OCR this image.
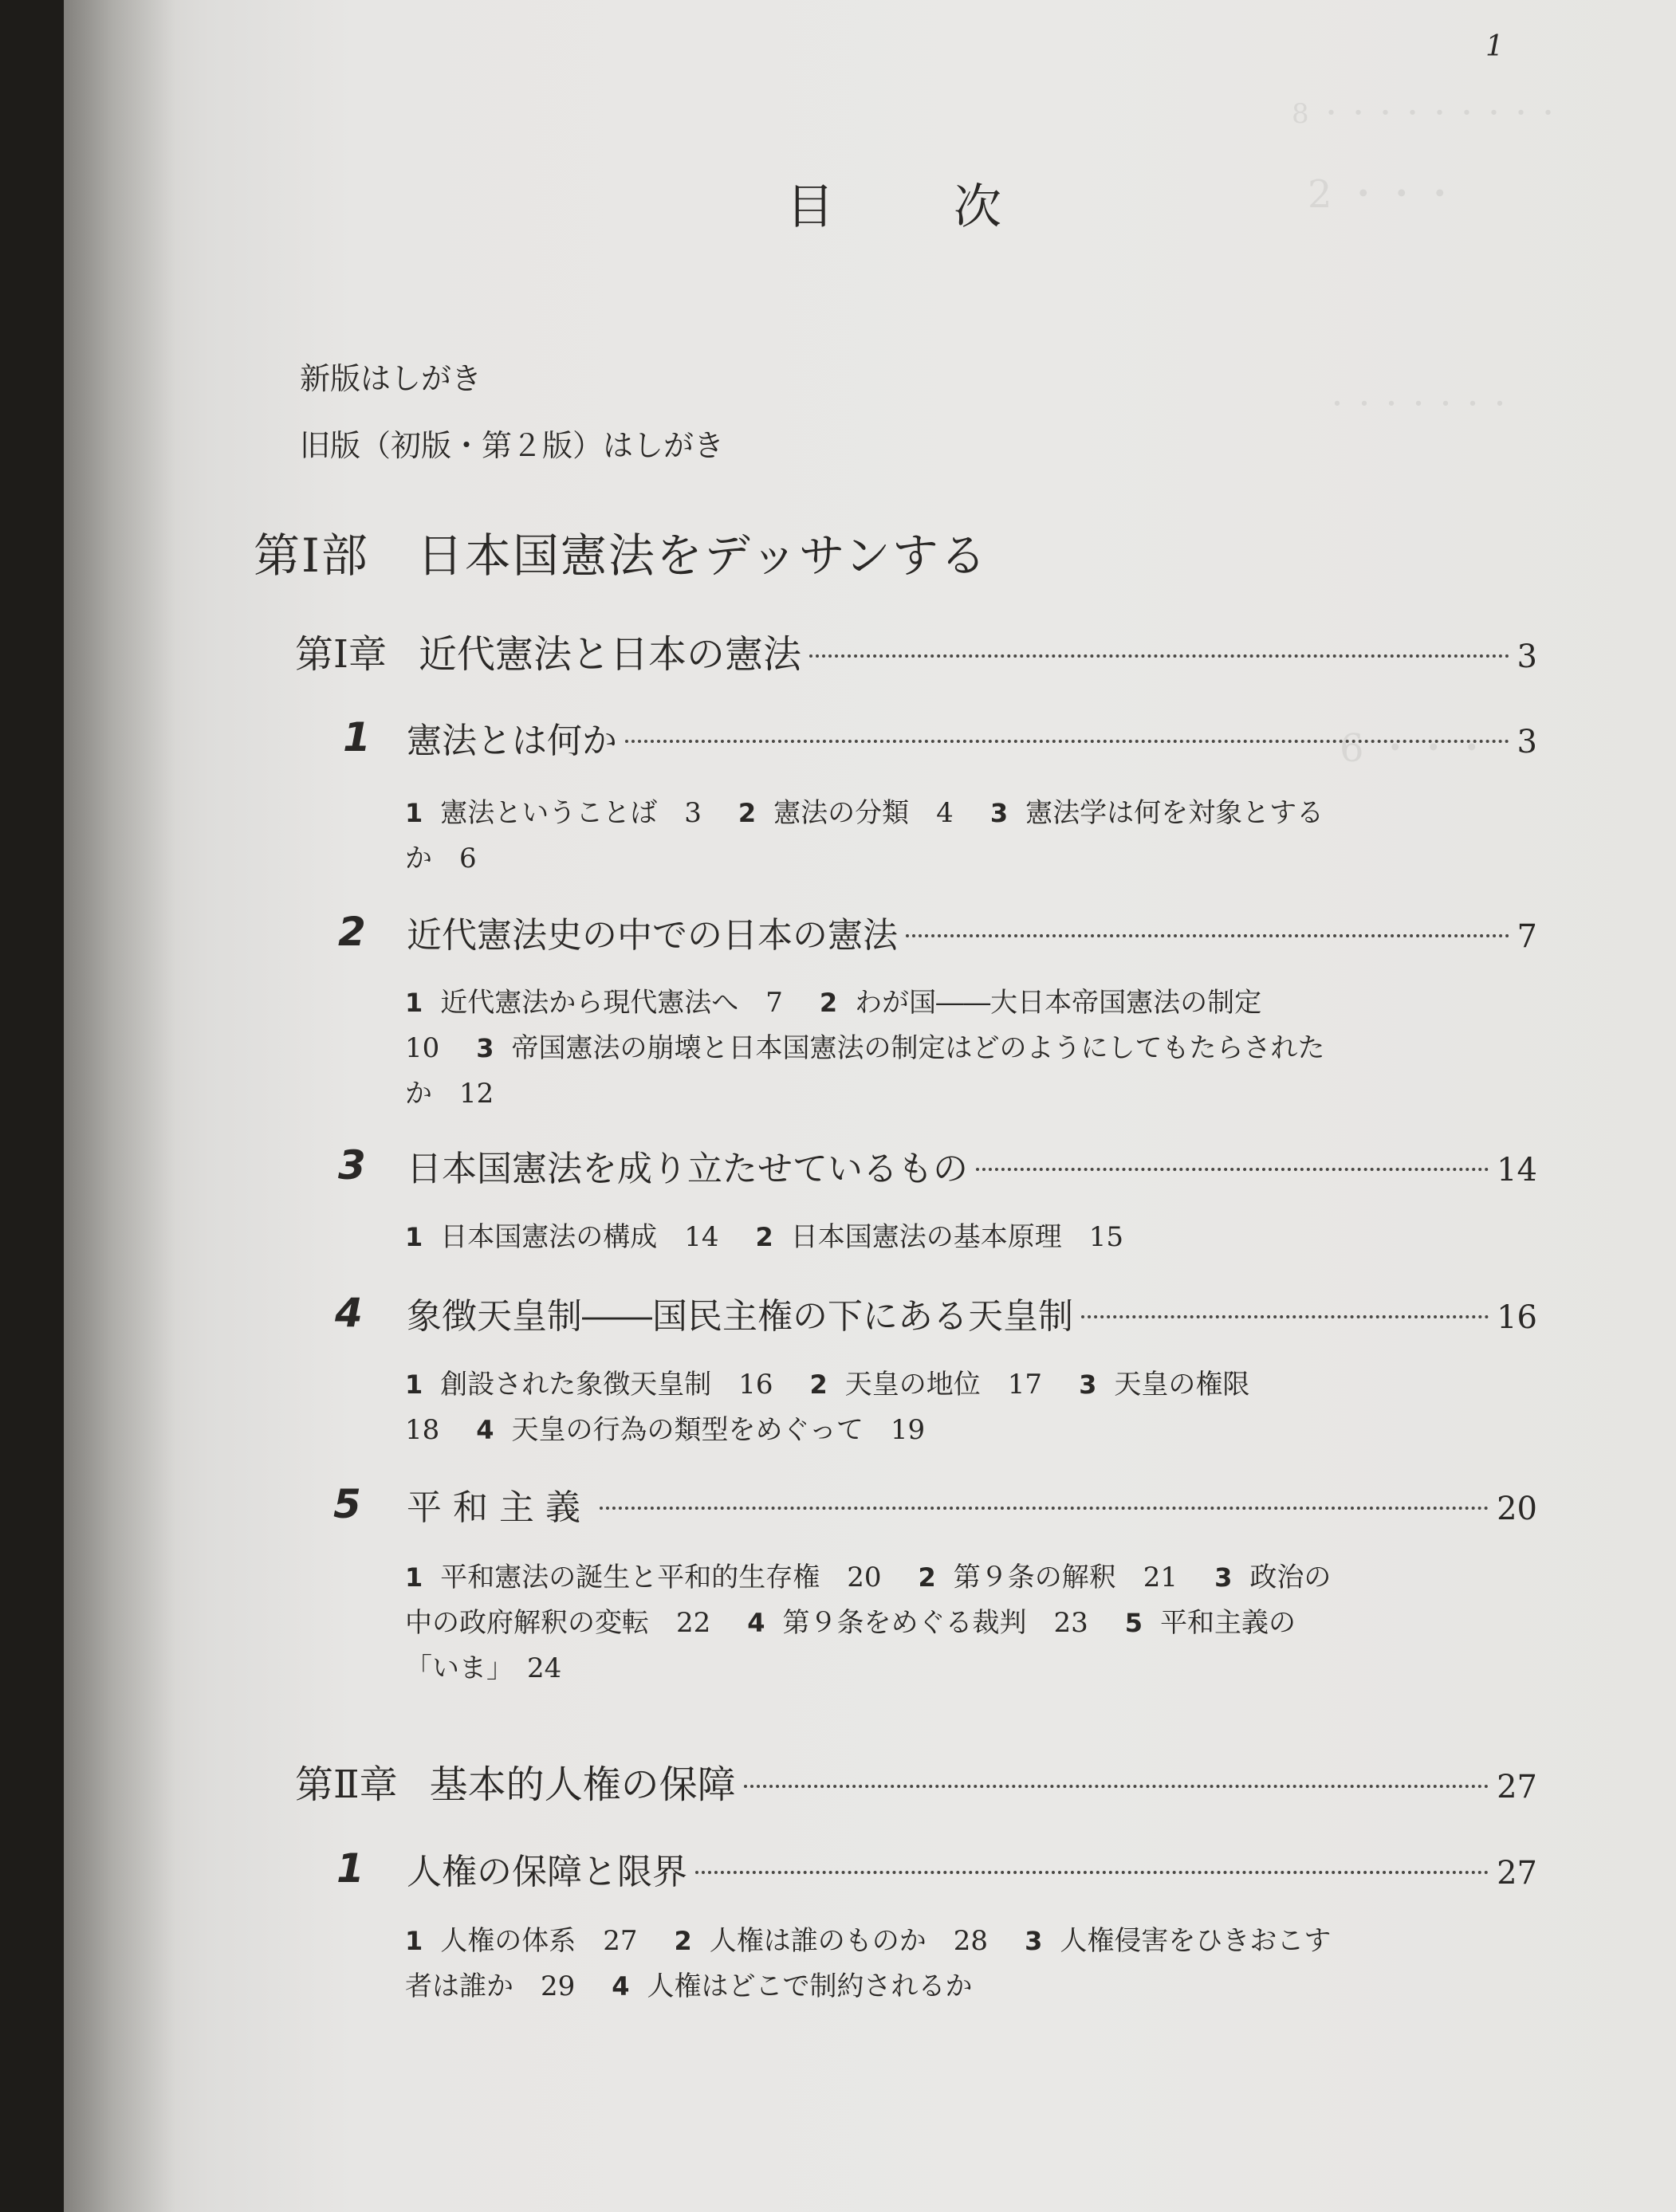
8 ・・・・・・・・・
2 ・・・
・・・・・・・
6 ・・・
1
目次
新版はしがき
旧版（初版・第２版）はしがき
第Ⅰ部 日本国憲法をデッサンする
第Ⅰ章 近代憲法と日本の憲法	3
1 憲法とは何か	3
1 憲法ということば　3 2 憲法の分類　4 3 憲法学は何を対象とするか　6
2 近代憲法史の中での日本の憲法	7
1 近代憲法から現代憲法へ　7 2 わが国――大日本帝国憲法の制定　10 3 帝国憲法の崩壊と日本国憲法の制定はどのようにしてもたらされたか　12
3 日本国憲法を成り立たせているもの	14
1 日本国憲法の構成　14 2 日本国憲法の基本原理　15
4 象徴天皇制――国民主権の下にある天皇制	16
1 創設された象徴天皇制　16 2 天皇の地位　17 3 天皇の権限　18 4 天皇の行為の類型をめぐって　19
5 平和主義	20
1 平和憲法の誕生と平和的生存権　20 2 第９条の解釈　21 3 政治の中の政府解釈の変転　22 4 第９条をめぐる裁判　23 5 平和主義の「いま」　24
第Ⅱ章 基本的人権の保障	27
1 人権の保障と限界	27
1 人権の体系　27 2 人権は誰のものか　28 3 人権侵害をひきおこす者は誰か　29 4 人権はどこで制約されるか
